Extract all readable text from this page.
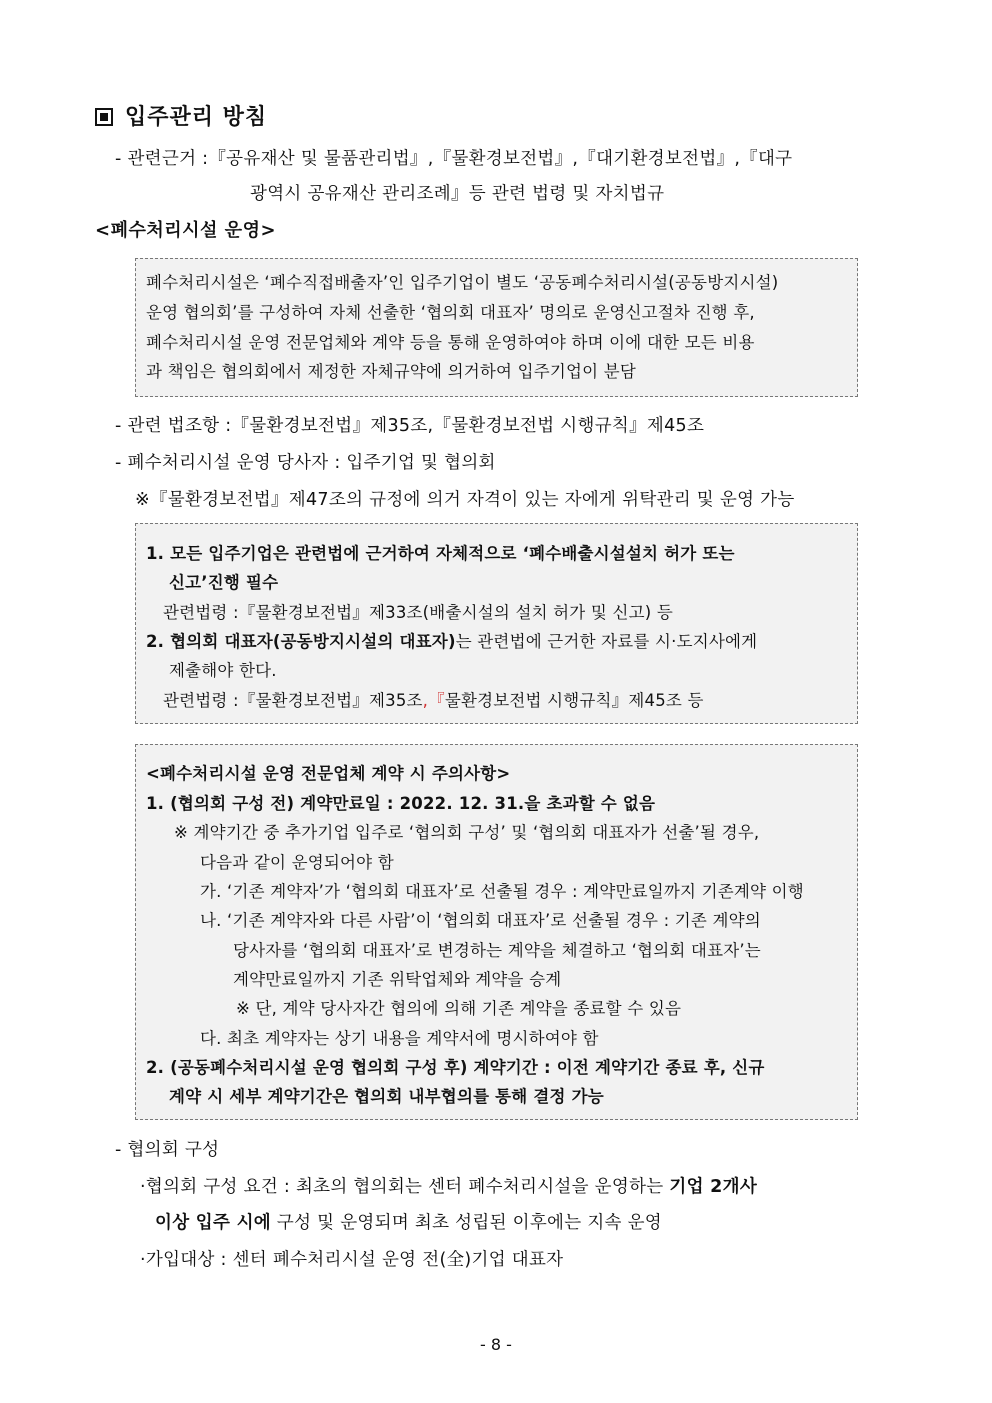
입주관리 방침
- 관련근거 :『공유재산 및 물품관리법』,『물환경보전법』,『대기환경보전법』,『대구
광역시 공유재산 관리조례』등 관련 법령 및 자치법규
<폐수처리시설 운영>
폐수처리시설은 ‘폐수직접배출자’인 입주기업이 별도 ‘공동폐수처리시설(공동방지시설)
운영 협의회’를 구성하여 자체 선출한 ‘협의회 대표자’ 명의로 운영신고절차 진행 후,
폐수처리시설 운영 전문업체와 계약 등을 통해 운영하여야 하며 이에 대한 모든 비용
과 책임은 협의회에서 제정한 자체규약에 의거하여 입주기업이 분담
- 관련 법조항 :『물환경보전법』제35조,『물환경보전법 시행규칙』제45조
- 폐수처리시설 운영 당사자 : 입주기업 및 협의회
※『물환경보전법』제47조의 규정에 의거 자격이 있는 자에게 위탁관리 및 운영 가능
1. 모든 입주기업은 관련법에 근거하여 자체적으로 ‘폐수배출시설설치 허가 또는
신고’진행 필수
관련법령 :『물환경보전법』제33조(배출시설의 설치 허가 및 신고) 등
2. 협의회 대표자(공동방지시설의 대표자)는 관련법에 근거한 자료를 시·도지사에게
제출해야 한다.
관련법령 :『물환경보전법』제35조,『물환경보전법 시행규칙』제45조 등
<폐수처리시설 운영 전문업체 계약 시 주의사항>
1. (협의회 구성 전) 계약만료일 : 2022. 12. 31.을 초과할 수 없음
※ 계약기간 중 추가기업 입주로 ‘협의회 구성’ 및 ‘협의회 대표자가 선출’될 경우,
다음과 같이 운영되어야 함
가. ‘기존 계약자’가 ‘협의회 대표자’로 선출될 경우 : 계약만료일까지 기존계약 이행
나. ‘기존 계약자와 다른 사람’이 ‘협의회 대표자’로 선출될 경우 : 기존 계약의
당사자를 ‘협의회 대표자’로 변경하는 계약을 체결하고 ‘협의회 대표자’는
계약만료일까지 기존 위탁업체와 계약을 승계
※ 단, 계약 당사자간 협의에 의해 기존 계약을 종료할 수 있음
다. 최초 계약자는 상기 내용을 계약서에 명시하여야 함
2. (공동폐수처리시설 운영 협의회 구성 후) 계약기간 : 이전 계약기간 종료 후, 신규
계약 시 세부 계약기간은 협의회 내부협의를 통해 결정 가능
- 협의회 구성
·협의회 구성 요건 : 최초의 협의회는 센터 폐수처리시설을 운영하는 기업 2개사
이상 입주 시에 구성 및 운영되며 최초 성립된 이후에는 지속 운영
·가입대상 : 센터 폐수처리시설 운영 전(全)기업 대표자
- 8 -
